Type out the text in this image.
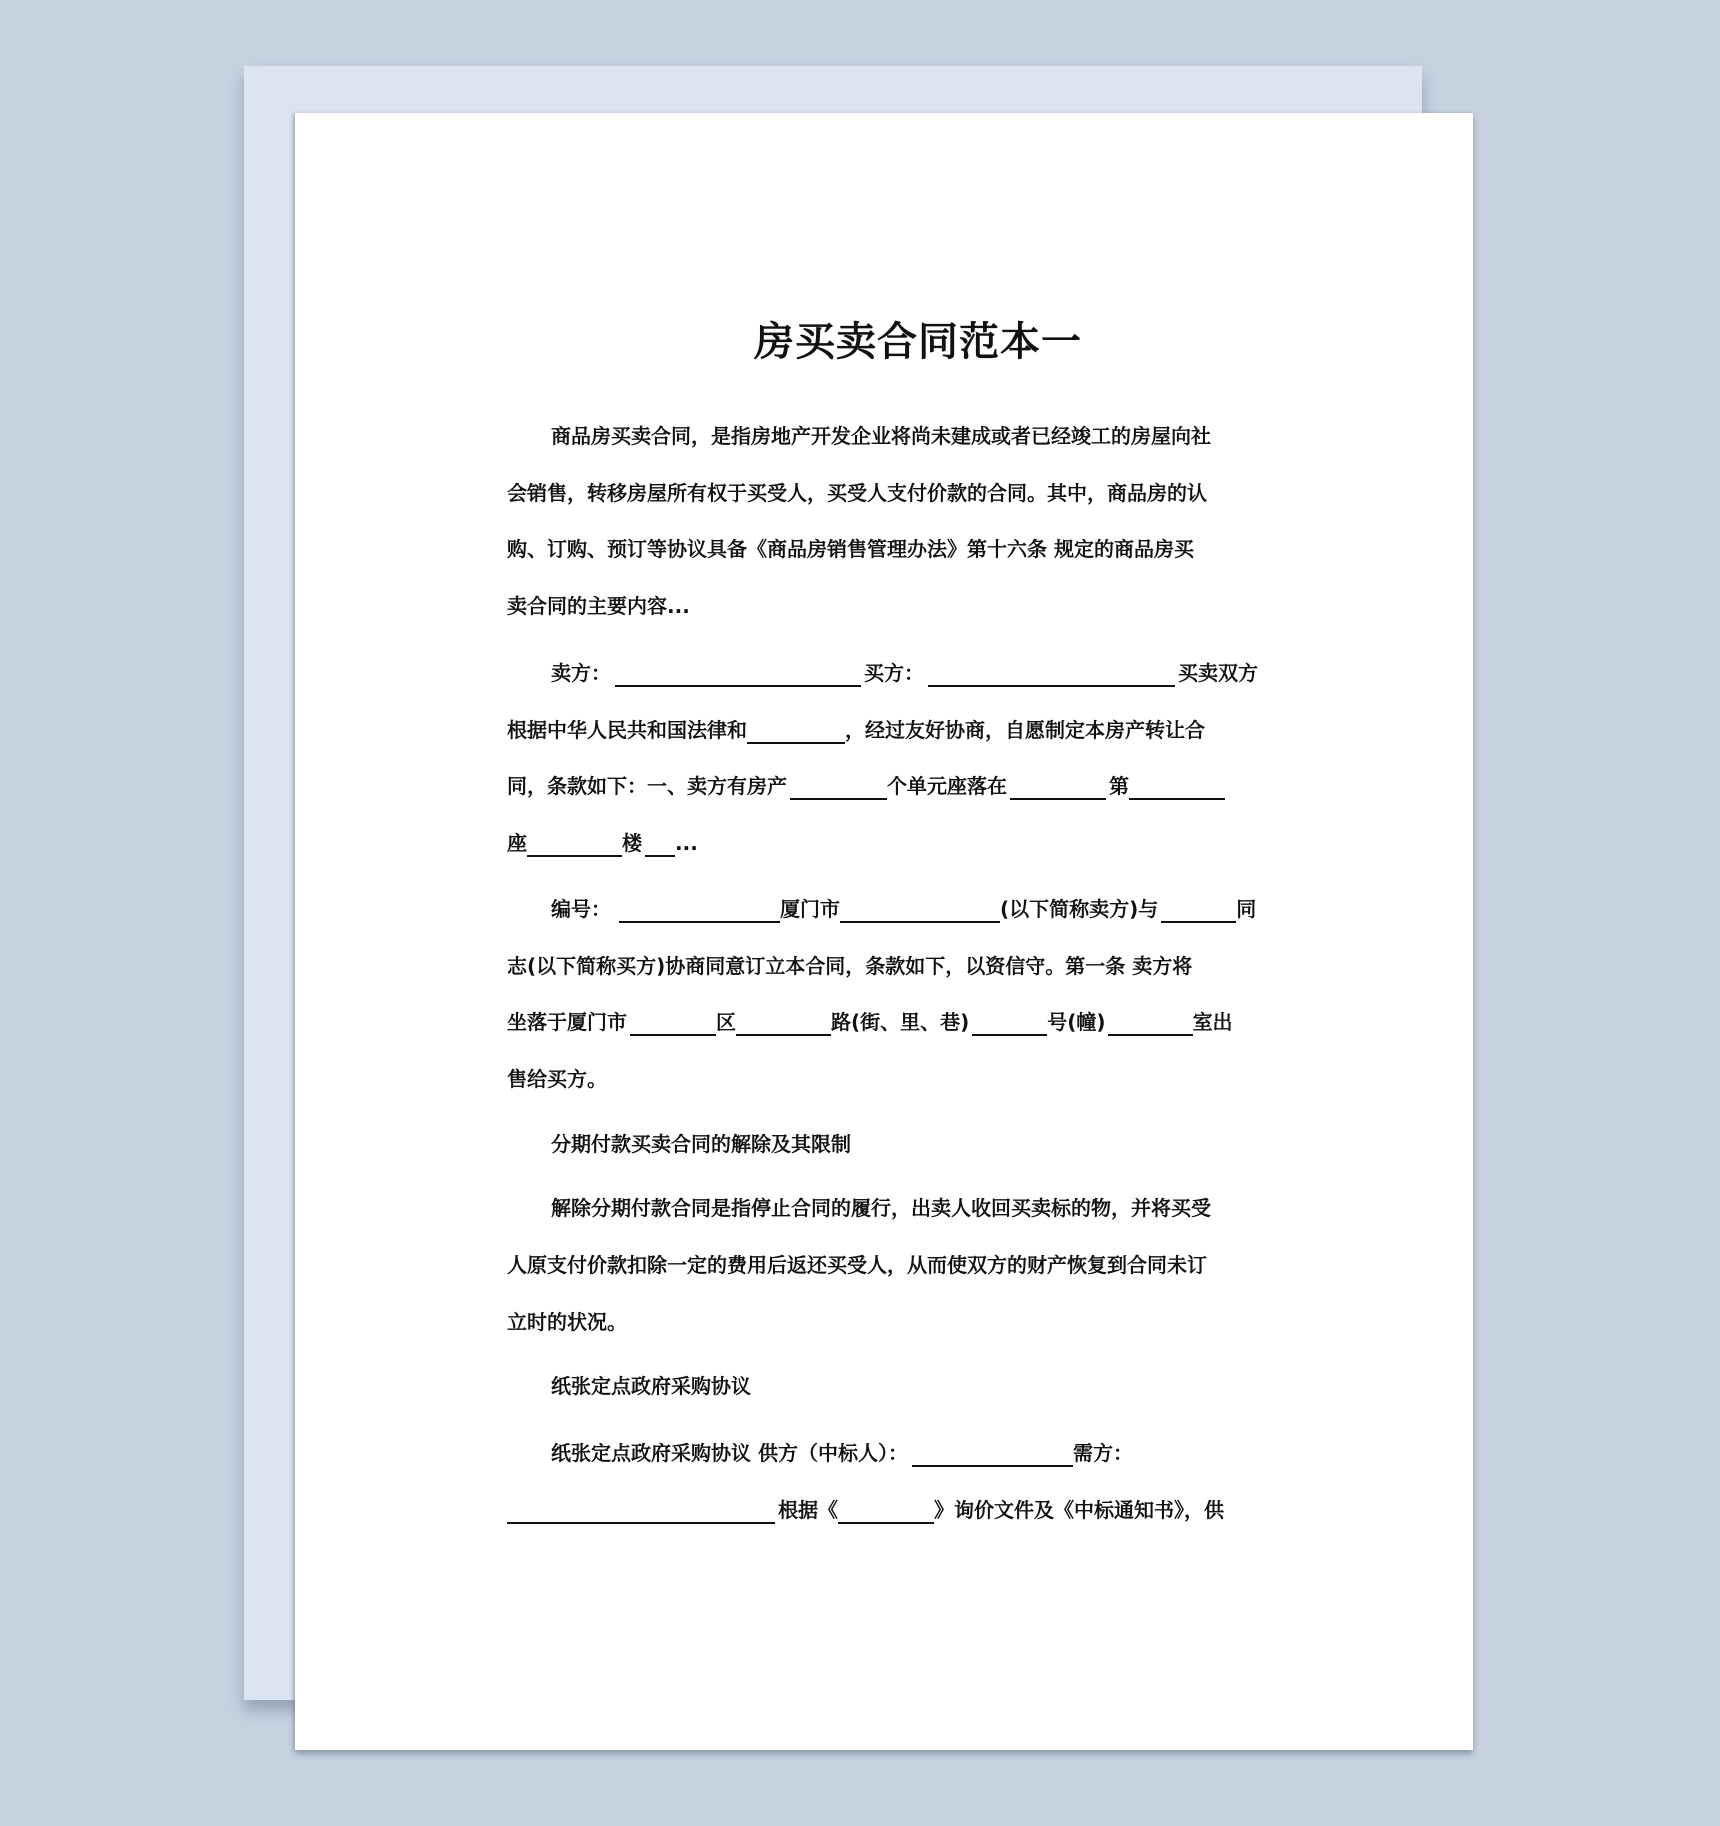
房买卖合同范本一
商品房买卖合同，是指房地产开发企业将尚未建成或者已经竣工的房屋向社
会销售，转移房屋所有权于买受人，买受人支付价款的合同。其中，商品房的认
购、订购、预订等协议具备《商品房销售管理办法》第十六条 规定的商品房买
卖合同的主要内容...
卖方：	买方：	买卖双方
根据中华人民共和国法律和	，经过友好协商，自愿制定本房产转让合
同，条款如下：一、卖方有房产	个单元座落在	第
座	楼 ...
编号：	厦门市	(以下简称卖方)与	同
志(以下简称买方)协商同意订立本合同，条款如下，以资信守。第一条 卖方将
坐落于厦门市	区	路(街、里、巷)	号(幢)	室出
售给买方。
分期付款买卖合同的解除及其限制
解除分期付款合同是指停止合同的履行，出卖人收回买卖标的物，并将买受
人原支付价款扣除一定的费用后返还买受人，从而使双方的财产恢复到合同未订
立时的状况。
纸张定点政府采购协议
纸张定点政府采购协议 供方（中标人）：	需方：
根据《	》询价文件及《中标通知书》，供
